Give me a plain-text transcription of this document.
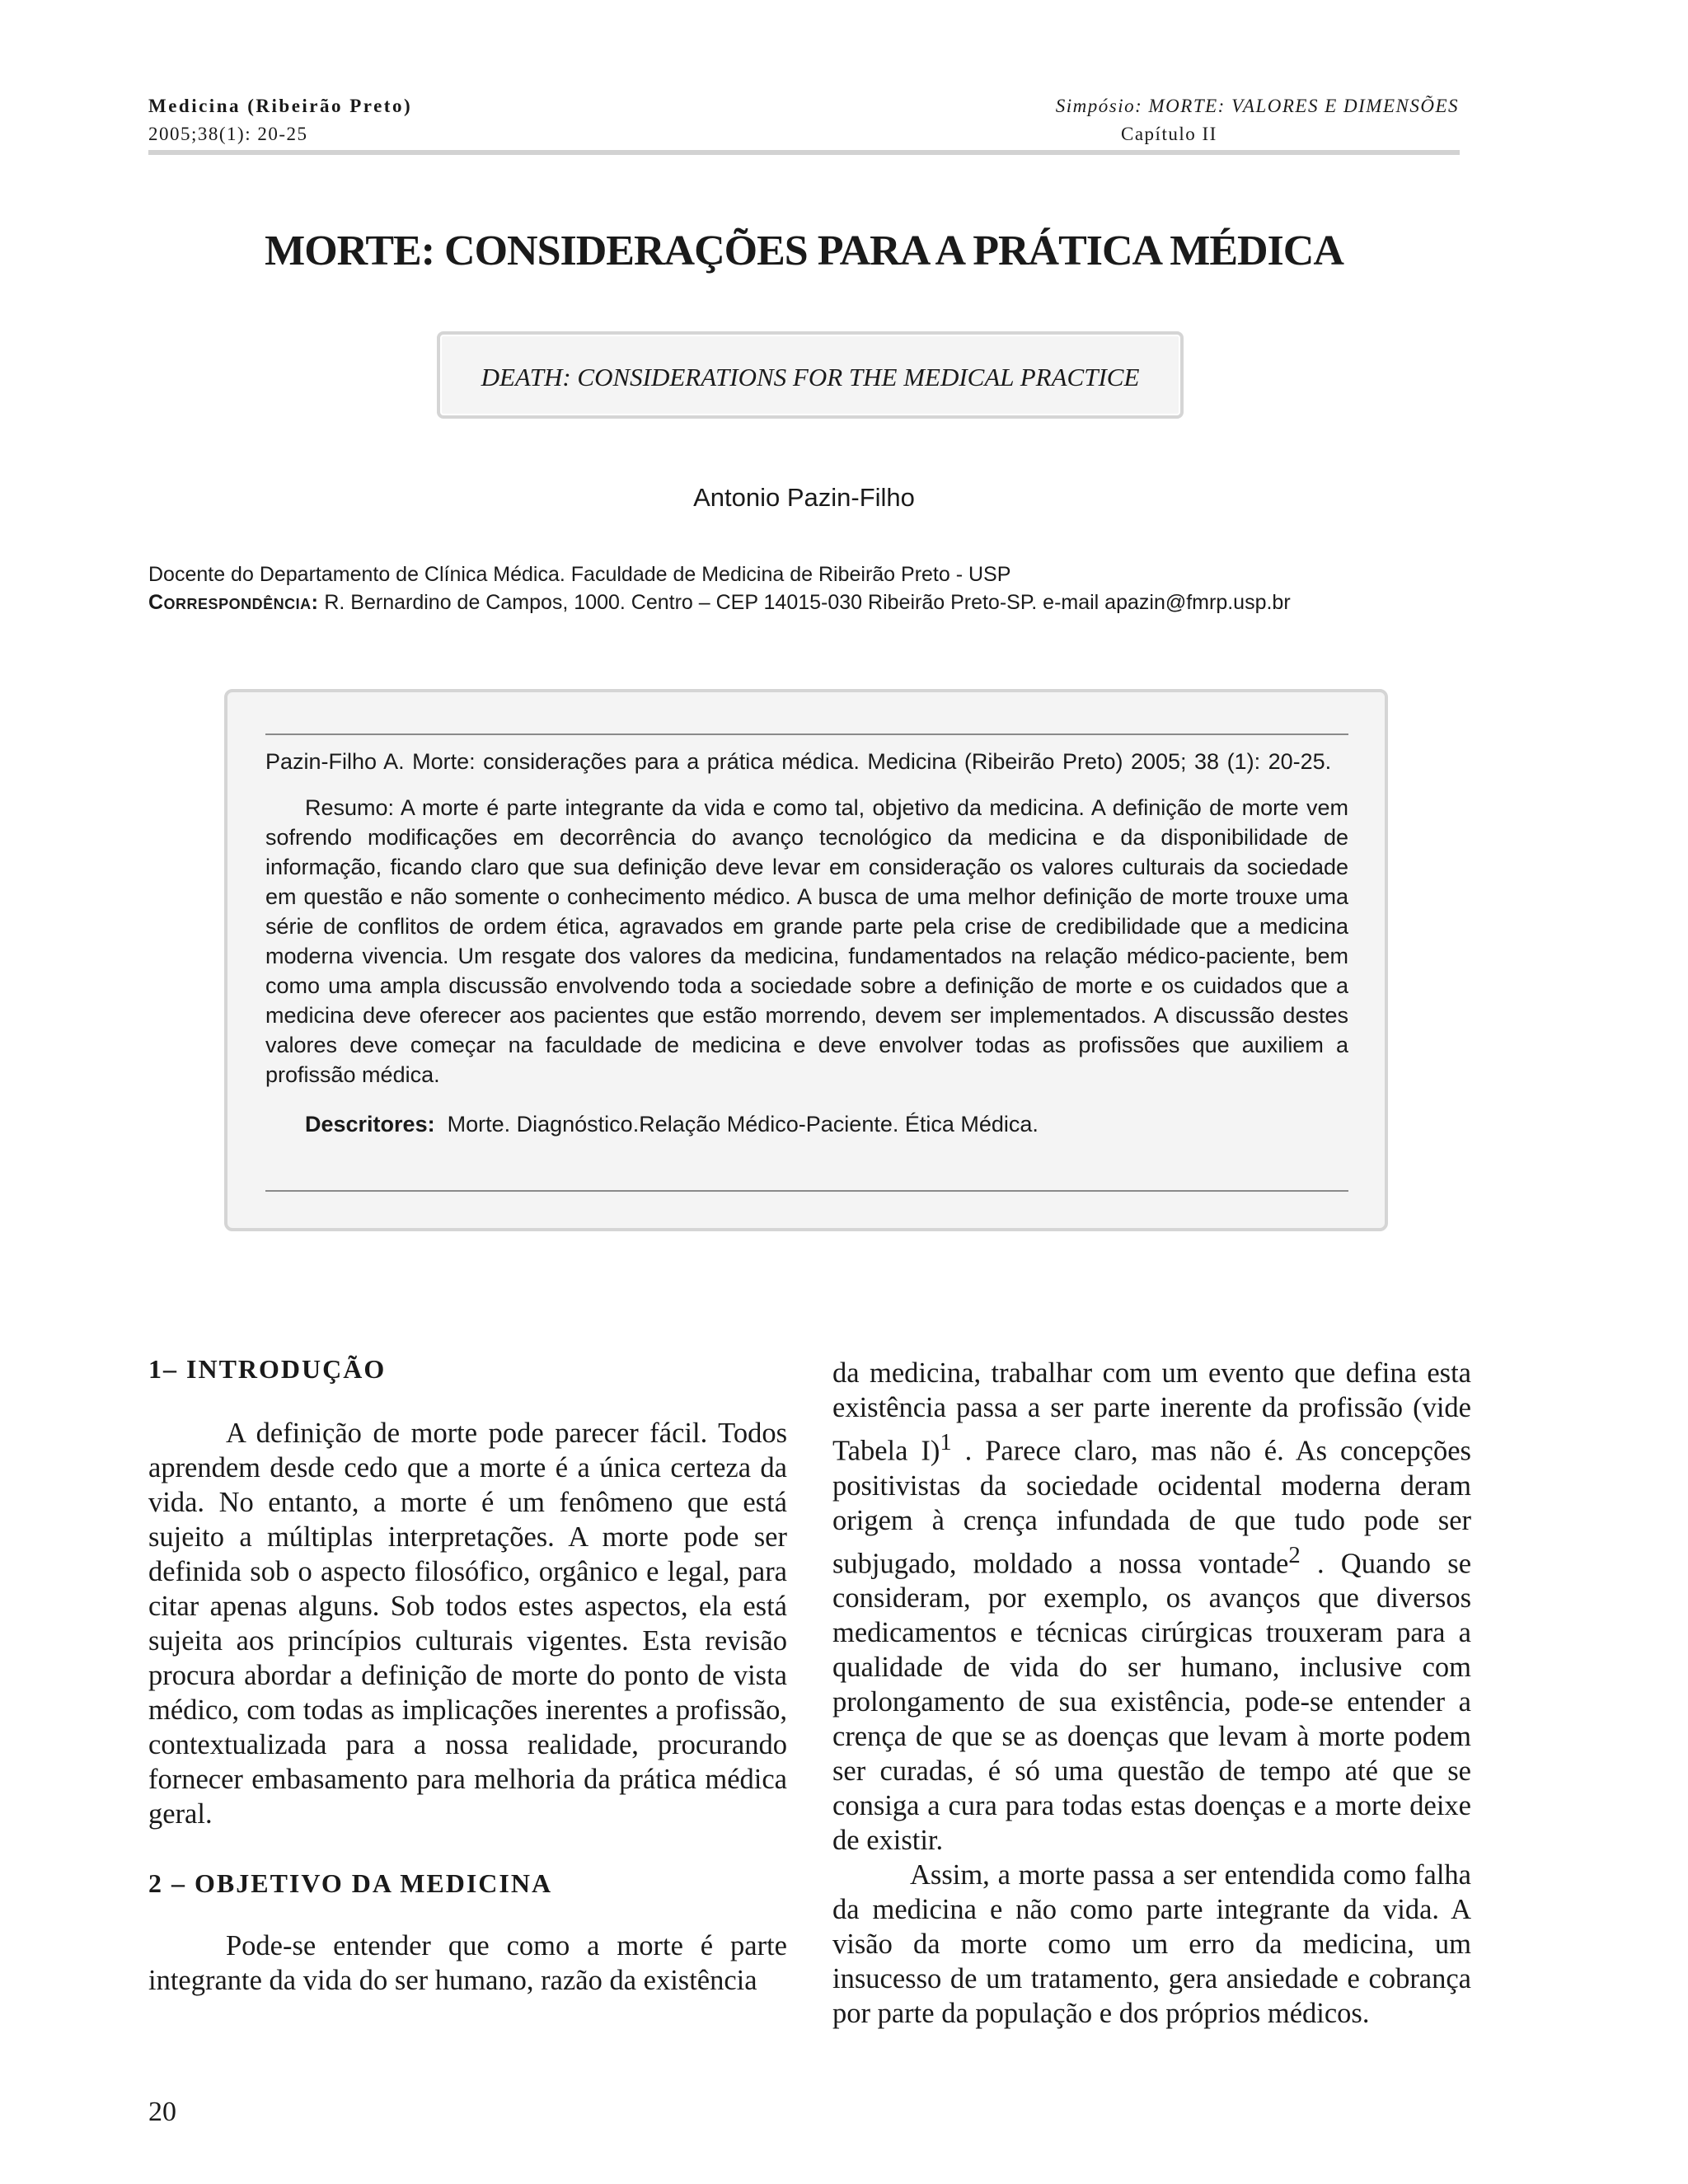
Medicina (Ribeirão Preto)
2005;38(1): 20-25
Simpósio: MORTE: VALORES E DIMENSÕES
Capítulo II
MORTE: CONSIDERAÇÕES PARA A PRÁTICA MÉDICA
DEATH: CONSIDERATIONS FOR THE MEDICAL PRACTICE
Antonio Pazin-Filho
Docente do Departamento de Clínica Médica. Faculdade de Medicina de Ribeirão Preto - USP
Correspondência: R. Bernardino de Campos, 1000. Centro – CEP 14015-030 Ribeirão Preto-SP. e-mail apazin@fmrp.usp.br

Pazin-Filho A. Morte: considerações para a prática médica. Medicina (Ribeirão Preto) 2005; 38 (1): 20-25.

Resumo: A morte é parte integrante da vida e como tal, objetivo da medicina. A definição de morte vem sofrendo modificações em decorrência do avanço tecnológico da medicina e da disponibilidade de informação, ficando claro que sua definição deve levar em consideração os valores culturais da sociedade em questão e não somente o conhecimento médico. A busca de uma melhor definição de morte trouxe uma série de conflitos de ordem ética, agravados em grande parte pela crise de credibilidade que a medicina moderna vivencia. Um resgate dos valores da medicina, fundamentados na relação médico-paciente, bem como uma ampla discussão envolvendo toda a sociedade sobre a definição de morte e os cuidados que a medicina deve oferecer aos pacientes que estão morrendo, devem ser implementados. A discussão destes valores deve começar na faculdade de medicina e deve envolver todas as profissões que auxiliem a profissão médica.

Descritores: Morte. Diagnóstico.Relação Médico-Paciente. Ética Médica.

1– INTRODUÇÃO

A definição de morte pode parecer fácil. Todos aprendem desde cedo que a morte é a única certeza da vida. No entanto, a morte é um fenômeno que está sujeito a múltiplas interpretações. A morte pode ser definida sob o aspecto filosófico, orgânico e legal, para citar apenas alguns. Sob todos estes aspectos, ela está sujeita aos princípios culturais vigentes. Esta revisão procura abordar a definição de morte do ponto de vista médico, com todas as implicações inerentes a profissão, contextualizada para a nossa realidade, procurando fornecer embasamento para melhoria da prática médica geral.

2 – OBJETIVO DA MEDICINA

Pode-se entender que como a morte é parte integrante da vida do ser humano, razão da existência

da medicina, trabalhar com um evento que defina esta existência passa a ser parte inerente da profissão (vide Tabela I)$^1$ . Parece claro, mas não é. As concepções positivistas da sociedade ocidental moderna deram origem à crença infundada de que tudo pode ser subjugado, moldado a nossa vontade$^2$ . Quando se consideram, por exemplo, os avanços que diversos medicamentos e técnicas cirúrgicas trouxeram para a qualidade de vida do ser humano, inclusive com prolongamento de sua existência, pode-se entender a crença de que se as doenças que levam à morte podem ser curadas, é só uma questão de tempo até que se consiga a cura para todas estas doenças e a morte deixe de existir.

Assim, a morte passa a ser entendida como falha da medicina e não como parte integrante da vida. A visão da morte como um erro da medicina, um insucesso de um tratamento, gera ansiedade e cobrança por parte da população e dos próprios médicos.

20
